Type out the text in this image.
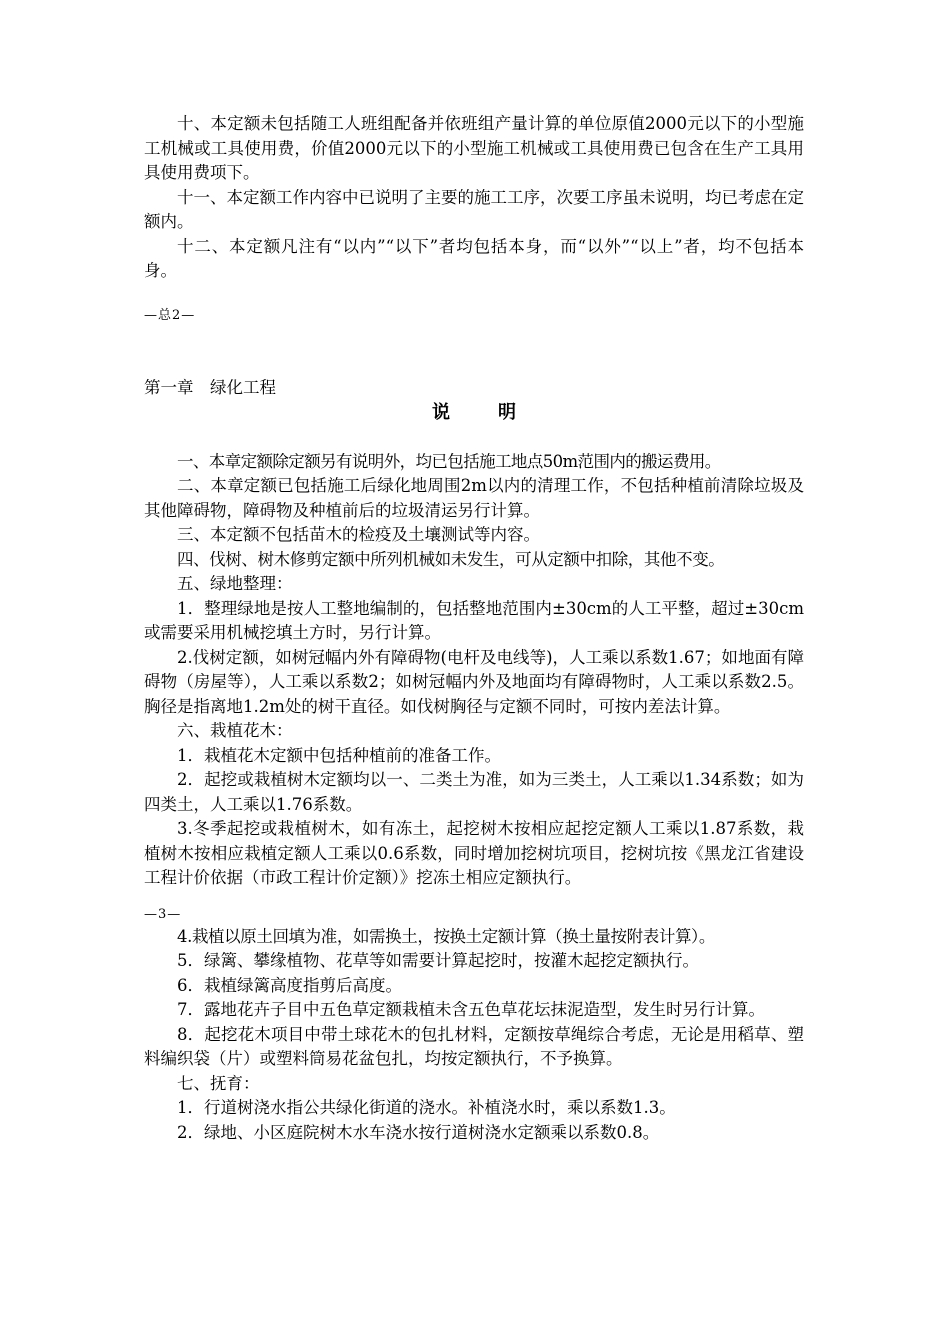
十、本定额未包括随工人班组配备并依班组产量计算的单位原值2000元以下的小型施工机械或工具使用费，价值2000元以下的小型施工机械或工具使用费已包含在生产工具用具使用费项下。

十一、本定额工作内容中已说明了主要的施工工序，次要工序虽未说明，均已考虑在定额内。

十二、本定额凡注有“以内”“以下”者均包括本身，而“以外”“以上”者，均不包括本身。

—总2—

第一章　绿化工程

说明

一、本章定额除定额另有说明外，均已包括施工地点50m范围内的搬运费用。

二、本章定额已包括施工后绿化地周围2m以内的清理工作，不包括种植前清除垃圾及其他障碍物，障碍物及种植前后的垃圾清运另行计算。

三、本定额不包括苗木的检疫及土壤测试等内容。

四、伐树、树木修剪定额中所列机械如未发生，可从定额中扣除，其他不变。

五、绿地整理：

1．整理绿地是按人工整地编制的，包括整地范围内±30cm的人工平整，超过±30cm或需要采用机械挖填土方时，另行计算。

2.伐树定额，如树冠幅内外有障碍物(电杆及电线等)，人工乘以系数1.67；如地面有障碍物（房屋等），人工乘以系数2；如树冠幅内外及地面均有障碍物时，人工乘以系数2.5。胸径是指离地1.2m处的树干直径。如伐树胸径与定额不同时，可按内差法计算。

六、栽植花木：

1．栽植花木定额中包括种植前的准备工作。

2．起挖或栽植树木定额均以一、二类土为准，如为三类土，人工乘以1.34系数；如为四类土，人工乘以1.76系数。

3.冬季起挖或栽植树木，如有冻土，起挖树木按相应起挖定额人工乘以1.87系数，栽植树木按相应栽植定额人工乘以0.6系数，同时增加挖树坑项目，挖树坑按《黑龙江省建设工程计价依据（市政工程计价定额）》挖冻土相应定额执行。

—3—

4.栽植以原土回填为准，如需换土，按换土定额计算（换土量按附表计算）。

5．绿篱、攀缘植物、花草等如需要计算起挖时，按灌木起挖定额执行。

6．栽植绿篱高度指剪后高度。

7．露地花卉子目中五色草定额栽植未含五色草花坛抹泥造型，发生时另行计算。

8．起挖花木项目中带土球花木的包扎材料，定额按草绳综合考虑，无论是用稻草、塑料编织袋（片）或塑料筒易花盆包扎，均按定额执行，不予换算。

七、抚育：

1．行道树浇水指公共绿化街道的浇水。补植浇水时，乘以系数1.3。

2．绿地、小区庭院树木水车浇水按行道树浇水定额乘以系数0.8。
